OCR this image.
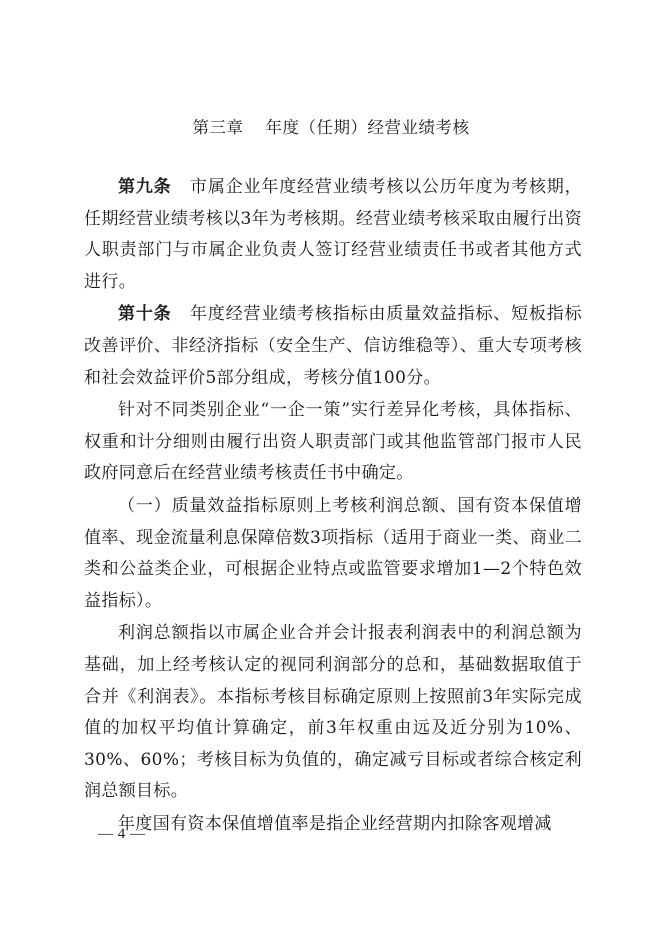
第三章 年度（任期）经营业绩考核

第九条 市属企业年度经营业绩考核以公历年度为考核期，任期经营业绩考核以3年为考核期。经营业绩考核采取由履行出资人职责部门与市属企业负责人签订经营业绩责任书或者其他方式进行。

第十条 年度经营业绩考核指标由质量效益指标、短板指标改善评价、非经济指标（安全生产、信访维稳等）、重大专项考核和社会效益评价5部分组成，考核分值100分。

针对不同类别企业“一企一策”实行差异化考核，具体指标、权重和计分细则由履行出资人职责部门或其他监管部门报市人民政府同意后在经营业绩考核责任书中确定。

（一）质量效益指标原则上考核利润总额、国有资本保值增值率、现金流量利息保障倍数3项指标（适用于商业一类、商业二类和公益类企业，可根据企业特点或监管要求增加1—2个特色效益指标）。

利润总额指以市属企业合并会计报表利润表中的利润总额为基础，加上经考核认定的视同利润部分的总和，基础数据取值于合并《利润表》。本指标考核目标确定原则上按照前3年实际完成值的加权平均值计算确定，前3年权重由远及近分别为10%、30%、60%；考核目标为负值的，确定减亏目标或者综合核定利润总额目标。

年度国有资本保值增值率是指企业经营期内扣除客观增减

— 4 —
